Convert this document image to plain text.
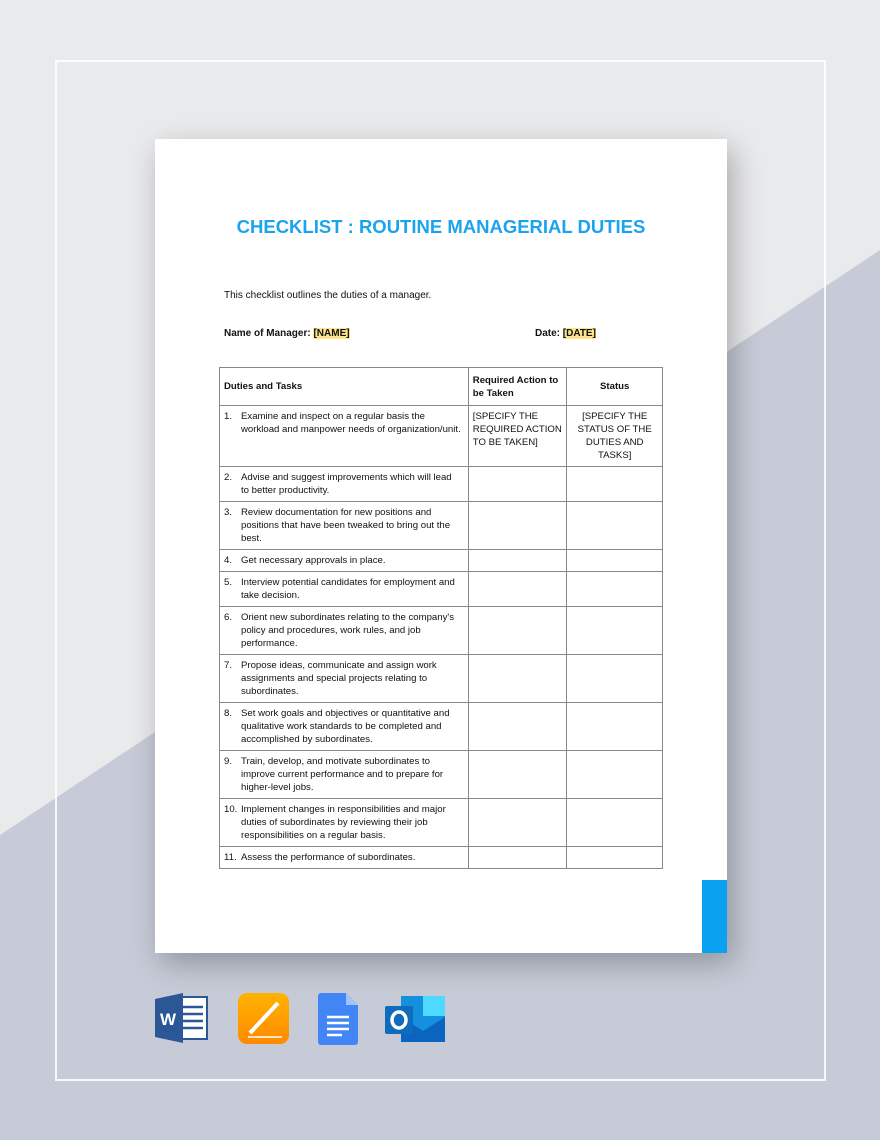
CHECKLIST : ROUTINE MANAGERIAL DUTIES
This checklist outlines the duties of a manager.
Name of Manager: [NAME]	Date: [DATE]
Duties and Tasks	Required Action to be Taken	Status
1. Examine and inspect on a regular basis the workload and manpower needs of organization/unit.	[SPECIFY THE REQUIRED ACTION TO BE TAKEN]	[SPECIFY THE STATUS OF THE DUTIES AND TASKS]
2. Advise and suggest improvements which will lead to better productivity.		
3. Review documentation for new positions and positions that have been tweaked to bring out the best.		
4. Get necessary approvals in place.		
5. Interview potential candidates for employment and take decision.		
6. Orient new subordinates relating to the company's policy and procedures, work rules, and job performance.		
7. Propose ideas, communicate and assign work assignments and special projects relating to subordinates.		
8. Set work goals and objectives or quantitative and qualitative work standards to be completed and accomplished by subordinates.		
9. Train, develop, and motivate subordinates to improve current performance and to prepare for higher-level jobs.		
10. Implement changes in responsibilities and major duties of subordinates by reviewing their job responsibilities on a regular basis.		
11. Assess the performance of subordinates.		
W
